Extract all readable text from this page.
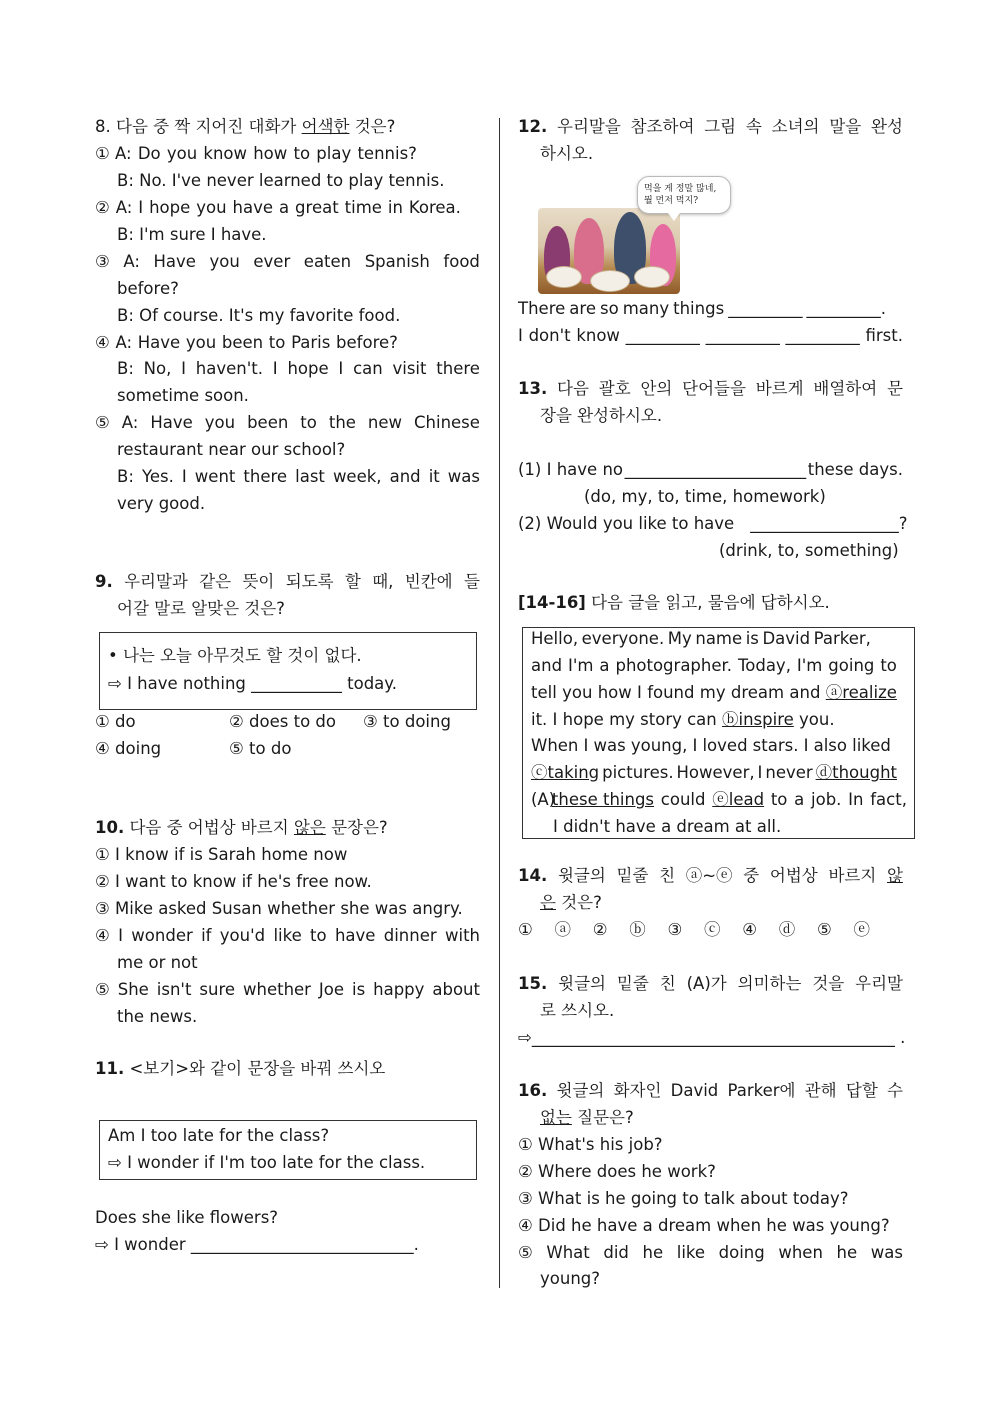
8. 다음 중 짝 지어진 대화가 어색한 것은?
① A: Do you know how to play tennis?
B: No. I've never learned to play tennis.
② A: I hope you have a great time in Korea.
B: I'm sure I have.
③ A: Have you ever eaten Spanish food
before?
B: Of course. It's my favorite food.
④ A: Have you been to Paris before?
B: No, I haven't. I hope I can visit there
sometime soon.
⑤ A: Have you been to the new Chinese
restaurant near our school?
B: Yes. I went there last week, and it was
very good.
9. 우리말과 같은 뜻이 되도록 할 때, 빈칸에 들
어갈 말로 알맞은 것은?
• 나는 오늘 아무것도 할 것이 없다.
⇨ I have nothing ___________ today.
① do	② does to do ③ to doing
④ doing	⑤ to do
10. 다음 중 어법상 바르지 않은 문장은?
① I know if is Sarah home now
② I want to know if he's free now.
③ Mike asked Susan whether she was angry.
④ I wonder if you'd like to have dinner with
me or not
⑤ She isn't sure whether Joe is happy about
the news.
11. <보기>와 같이 문장을 바꿔 쓰시오
Am I too late for the class?
⇨ I wonder if I'm too late for the class.
Does she like flowers?
⇨ I wonder ___________________________.
12. 우리말을 참조하여 그림 속 소녀의 말을 완성
하시오.
먹을 게 정말 많네,
뭘 먼저 먹지?
There are so many things _________ _________.
I don't know _________ _________ _________ first.
13. 다음 괄호 안의 단어들을 바르게 배열하여 문
장을 완성하시오.
(1) I have no ______________________ these days.
(do, my, to, time, homework)
(2) Would you like to have __________________?
(drink, to, something)
[14-16] 다음 글을 읽고, 물음에 답하시오.
Hello, everyone. My name is David Parker,
and I'm a photographer. Today, I'm going to
tell you how I found my dream and ⓐrealize
it. I hope my story can ⓑinspire you.
When I was young, I loved stars. I also liked
ⓒtaking pictures. However, I never ⓓthought
(A)
these things could ⓔlead to a job. In fact,
I didn't have a dream at all.
14. 윗글의 밑줄 친 ⓐ~ⓔ 중 어법상 바르지 않
은 것은?
① ⓐ ② ⓑ ③ ⓒ ④ ⓓ ⑤ ⓔ
15. 윗글의 밑줄 친 (A)가 의미하는 것을 우리말
로 쓰시오.
⇨____________________________________________ .
16. 윗글의 화자인 David Parker에 관해 답할 수
없는 질문은?
① What's his job?
② Where does he work?
③ What is he going to talk about today?
④ Did he have a dream when he was young?
⑤ What did he like doing when he was
young?
